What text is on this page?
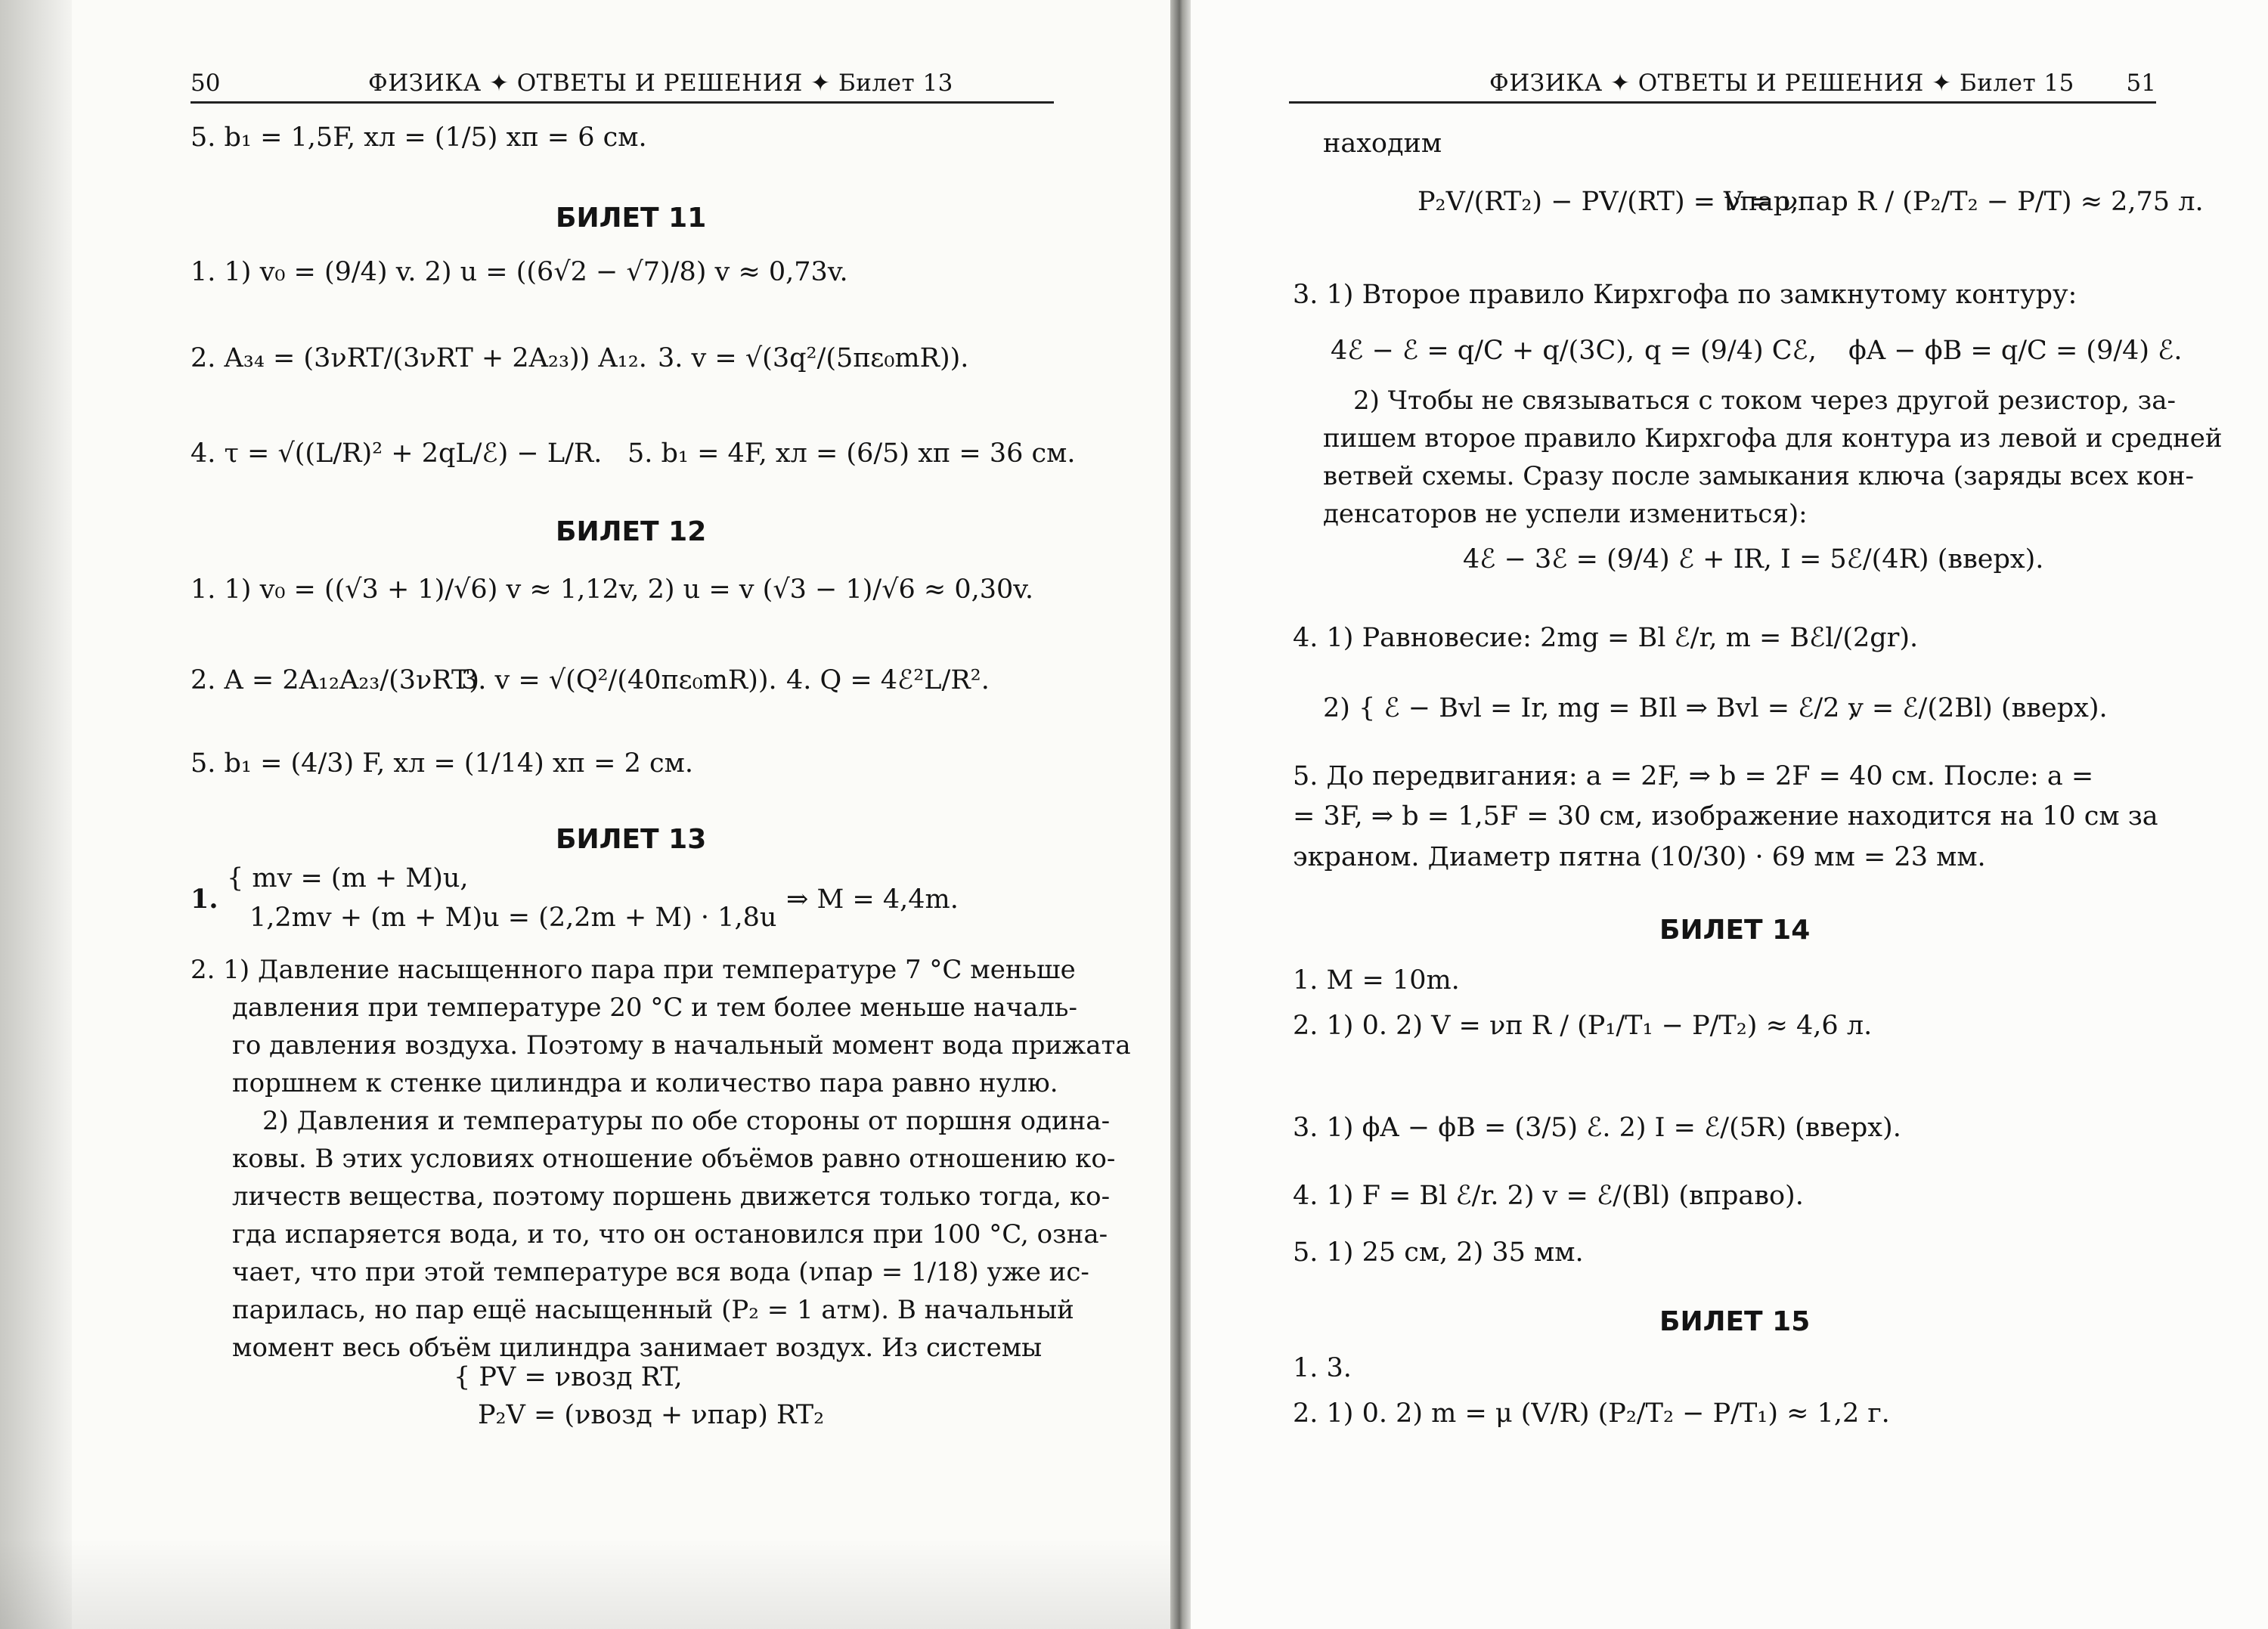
50	ФИЗИКА ✦ ОТВЕТЫ И РЕШЕНИЯ ✦ Билет 13
5. b₁ = 1,5F, xл = (1/5) xп = 6 см.
БИЛЕТ 11
1. 1) v₀ = (9/4) v. 2) u = ((6√2 − √7)/8) v ≈ 0,73v.
2. A₃₄ = (3νRT/(3νRT + 2A₂₃)) A₁₂. 3. v = √(3q²/(5πε₀mR)).
4. τ = √((L/R)² + 2qL/ℰ) − L/R. 5. b₁ = 4F, xл = (6/5) xп = 36 см.
БИЛЕТ 12
1. 1) v₀ = ((√3 + 1)/√6) v ≈ 1,12v, 2) u = v (√3 − 1)/√6 ≈ 0,30v.
2. A = 2A₁₂A₂₃/(3νRT)
3. v = √(Q²/(40πε₀mR)). 4. Q = 4ℰ²L/R².
5. b₁ = (4/3) F, xл = (1/14) xп = 2 см.
БИЛЕТ 13
1.
{ mv = (m + M)u,
1,2mv + (m + M)u = (2,2m + M) · 1,8u
⇒ M = 4,4m.
2. 1) Давление насыщенного пара при температуре 7 °C меньше
давления при температуре 20 °C и тем более меньше началь-
го давления воздуха. Поэтому в начальный момент вода прижата
поршнем к стенке цилиндра и количество пара равно нулю.
2) Давления и температуры по обе стороны от поршня одина-
ковы. В этих условиях отношение объёмов равно отношению ко-
личеств вещества, поэтому поршень движется только тогда, ко-
гда испаряется вода, и то, что он остановился при 100 °C, озна-
чает, что при этой температуре вся вода (νпар = 1/18) уже ис-
парилась, но пар ещё насыщенный (P₂ = 1 атм). В начальный
момент весь объём цилиндра занимает воздух. Из системы
{ PV = νвозд RT,
P₂V = (νвозд + νпар) RT₂
ФИЗИКА ✦ ОТВЕТЫ И РЕШЕНИЯ ✦ Билет 15 51
находим
P₂V/(RT₂) − PV/(RT) = νпар,
V = νпар R / (P₂/T₂ − P/T) ≈ 2,75 л.
3. 1) Второе правило Кирхгофа по замкнутому контуру:
4ℰ − ℰ = q/C + q/(3C), q = (9/4) Cℰ, ϕA − ϕB = q/C = (9/4) ℰ.
2) Чтобы не связываться с током через другой резистор, за-
пишем второе правило Кирхгофа для контура из левой и средней
ветвей схемы. Сразу после замыкания ключа (заряды всех кон-
денсаторов не успели измениться):
4ℰ − 3ℰ = (9/4) ℰ + IR, I = 5ℰ/(4R) (вверх).
4. 1) Равновесие: 2mg = Bl ℰ/r, m = Bℰl/(2gr).
2) { ℰ − Bvl = Ir, mg = BIl ⇒ Bvl = ℰ/2 ,
v = ℰ/(2Bl) (вверх).
5. До передвигания: a = 2F, ⇒ b = 2F = 40 см. После: a =
= 3F, ⇒ b = 1,5F = 30 см, изображение находится на 10 см за
экраном. Диаметр пятна (10/30) · 69 мм = 23 мм.
БИЛЕТ 14
1. M = 10m.
2. 1) 0. 2) V = νп R / (P₁/T₁ − P/T₂) ≈ 4,6 л.
3. 1) ϕA − ϕB = (3/5) ℰ. 2) I = ℰ/(5R) (вверх).
4. 1) F = Bl ℰ/r. 2) v = ℰ/(Bl) (вправо).
5. 1) 25 см, 2) 35 мм.
БИЛЕТ 15
1. 3.
2. 1) 0. 2) m = μ (V/R) (P₂/T₂ − P/T₁) ≈ 1,2 г.
